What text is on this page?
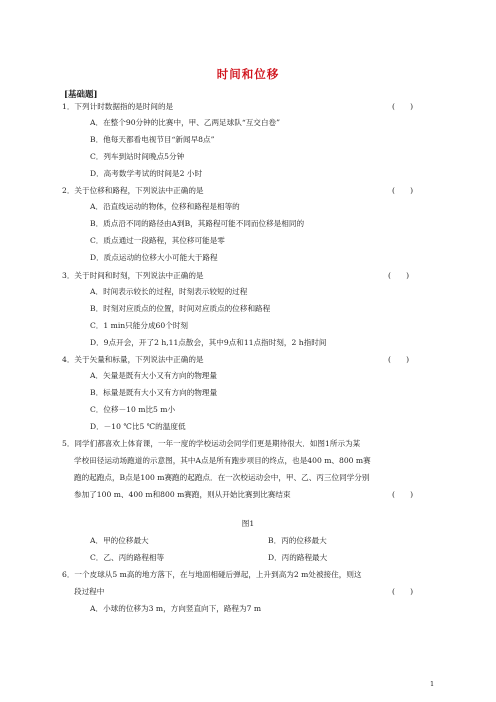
时间和位移
[基础题]
1．下列计时数据指的是时间的是	(　　)
A．在整个90分钟的比赛中，甲、乙两足球队“互交白卷”
B．他每天都看电视节目“新闻早8点”
C．列车到站时间晚点5分钟
D．高考数学考试的时间是2 小时
2．关于位移和路程，下列说法中正确的是	(　　)
A．沿直线运动的物体，位移和路程是相等的
B．质点沿不同的路径由A到B，其路程可能不同而位移是相同的
C．质点通过一段路程，其位移可能是零
D．质点运动的位移大小可能大于路程
3．关于时间和时刻，下列说法中正确的是	(　　)
A．时间表示较长的过程，时刻表示较短的过程
B．时刻对应质点的位置，时间对应质点的位移和路程
C．1 min只能分成60个时刻
D．9点开会，开了2 h,11点散会，其中9点和11点指时刻，2 h指时间
4．关于矢量和标量，下列说法中正确的是	(　　)
A．矢量是既有大小又有方向的物理量
B．标量是既有大小又有方向的物理量
C．位移－10 m比5 m小
D．－10 ℃比5 ℃的温度低
5．同学们都喜欢上体育课，一年一度的学校运动会同学们更是期待很大．如图1所示为某
学校田径运动场跑道的示意图，其中A点是所有跑步项目的终点，也是400 m、800 m赛
跑的起跑点，B点是100 m赛跑的起跑点．在一次校运动会中，甲、乙、丙三位同学分别
参加了100 m、400 m和800 m赛跑，则从开始比赛到比赛结束	(　　)
图1
A．甲的位移最大	B．丙的位移最大
C．乙、丙的路程相等	D．丙的路程最大
6．一个皮球从5 m高的地方落下，在与地面相碰后弹起，上升到高为2 m处被接住，则这
段过程中	(　　)
A．小球的位移为3 m，方向竖直向下，路程为7 m
1
